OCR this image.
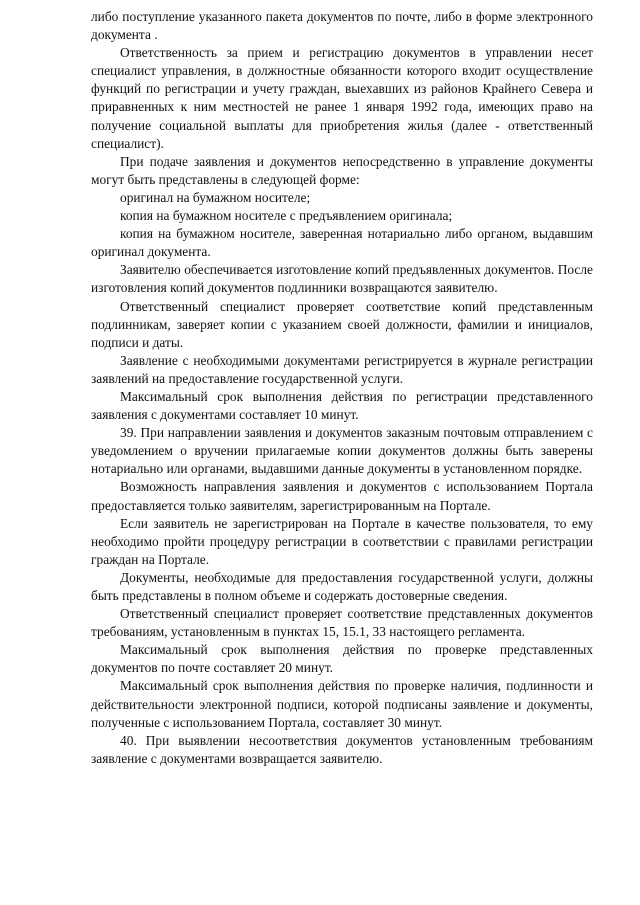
либо поступление указанного пакета документов по почте, либо в форме электронного документа .

Ответственность за прием и регистрацию документов в управлении несет специалист управления, в должностные обязанности которого входит осуществление функций по регистрации и учету граждан, выехавших из районов Крайнего Севера и приравненных к ним местностей не ранее 1 января 1992 года, имеющих право на получение социальной выплаты для приобретения жилья (далее - ответственный специалист).

При подаче заявления и документов непосредственно в управление документы могут быть представлены в следующей форме:

оригинал на бумажном носителе;

копия на бумажном носителе с предъявлением оригинала;

копия на бумажном носителе, заверенная нотариально либо органом, выдавшим оригинал документа.

Заявителю обеспечивается изготовление копий предъявленных документов. После изготовления копий документов подлинники возвращаются заявителю.

Ответственный специалист проверяет соответствие копий представленным подлинникам, заверяет копии с указанием своей должности, фамилии и инициалов, подписи и даты.

Заявление с необходимыми документами регистрируется в журнале регистрации заявлений на предоставление государственной услуги.

Максимальный срок выполнения действия по регистрации представленного заявления с документами составляет 10 минут.

39. При направлении заявления и документов заказным почтовым отправлением с уведомлением о вручении прилагаемые копии документов должны быть заверены нотариально или органами, выдавшими данные документы в установленном порядке.

Возможность направления заявления и документов с использованием Портала предоставляется только заявителям, зарегистрированным на Портале.

Если заявитель не зарегистрирован на Портале в качестве пользователя, то ему необходимо пройти процедуру регистрации в соответствии с правилами регистрации граждан на Портале.

Документы, необходимые для предоставления государственной услуги, должны быть представлены в полном объеме и содержать достоверные сведения.

Ответственный специалист проверяет соответствие представленных документов требованиям, установленным в пунктах 15, 15.1, 33 настоящего регламента.

Максимальный срок выполнения действия по проверке представленных документов по почте составляет 20 минут.

Максимальный срок выполнения действия по проверке наличия, подлинности и действительности электронной подписи, которой подписаны заявление и документы, полученные с использованием Портала, составляет 30 минут.

40. При выявлении несоответствия документов установленным требованиям заявление с документами возвращается заявителю.
